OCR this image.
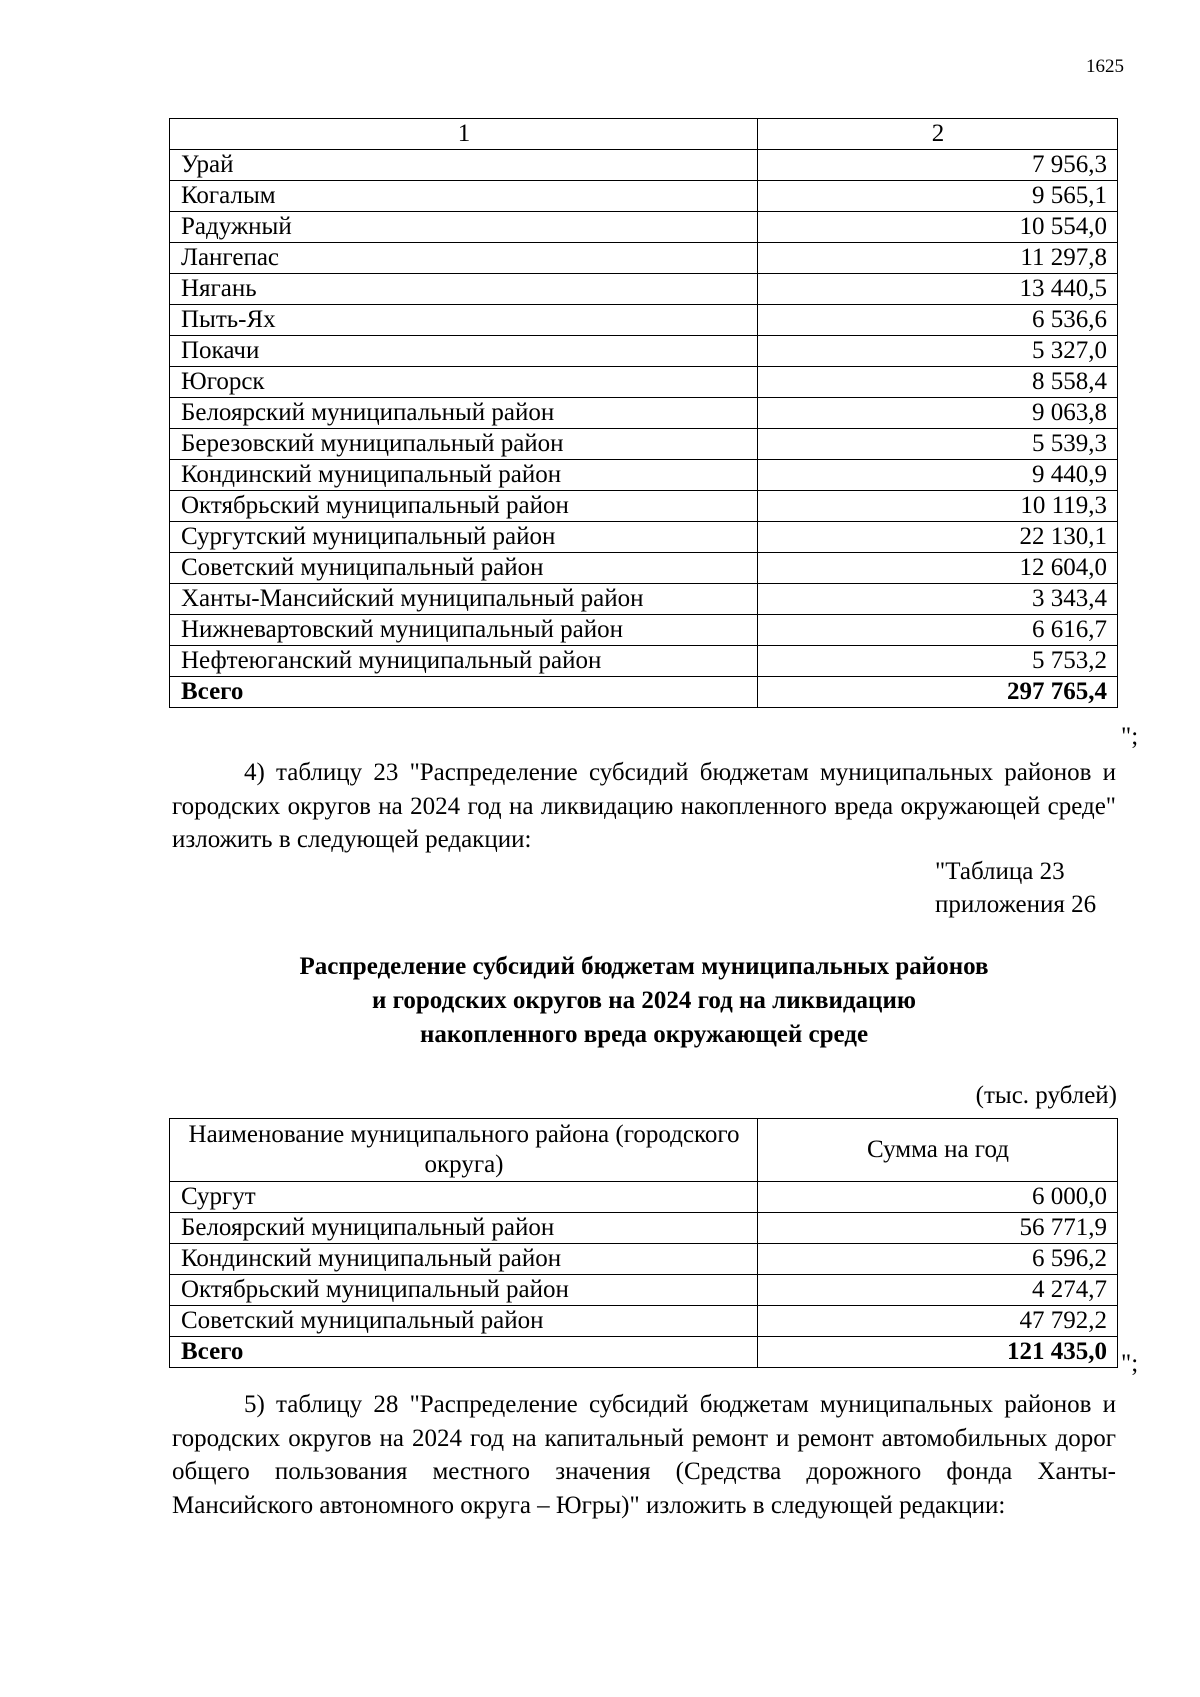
1625
1	2
Урай	7 956,3
Когалым	9 565,1
Радужный	10 554,0
Лангепас	11 297,8
Нягань	13 440,5
Пыть-Ях	6 536,6
Покачи	5 327,0
Югорск	8 558,4
Белоярский муниципальный район	9 063,8
Березовский муниципальный район	5 539,3
Кондинский муниципальный район	9 440,9
Октябрьский муниципальный район	10 119,3
Сургутский муниципальный район	22 130,1
Советский муниципальный район	12 604,0
Ханты-Мансийский муниципальный район	3 343,4
Нижневартовский муниципальный район	6 616,7
Нефтеюганский муниципальный район	5 753,2
Всего	297 765,4
";
4) таблицу 23 "Распределение субсидий бюджетам муниципальных районов и городских округов на 2024 год на ликвидацию накопленного вреда окружающей среде" изложить в следующей редакции:
"Таблица 23
приложения 26
Распределение субсидий бюджетам муниципальных районов
и городских округов на 2024 год на ликвидацию
накопленного вреда окружающей среде
(тыс. рублей)
Наименование муниципального района (городского округа)	Сумма на год
Сургут	6 000,0
Белоярский муниципальный район	56 771,9
Кондинский муниципальный район	6 596,2
Октябрьский муниципальный район	4 274,7
Советский муниципальный район	47 792,2
Всего	121 435,0 ";
5) таблицу 28 "Распределение субсидий бюджетам муниципальных районов и городских округов на 2024 год на капитальный ремонт и ремонт автомобильных дорог общего пользования местного значения (Средства дорожного фонда Ханты-Мансийского автономного округа – Югры)" изложить в следующей редакции:
